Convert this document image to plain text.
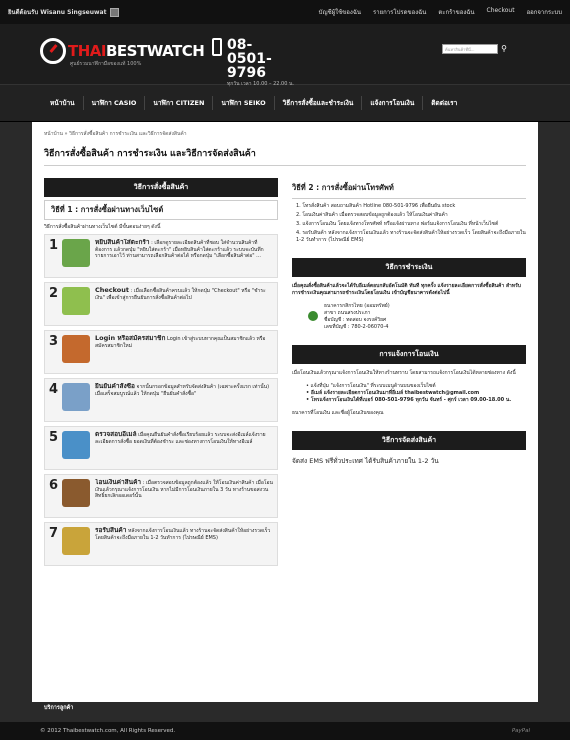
ยินดีต้อนรับ Wisanu Singseuwat	บัญชีผู้ใช้ของฉัน รายการโปรดของฉัน ตะกร้าของฉัน Checkout ออกจากระบบ
THAIBESTWATCH
ศูนย์รวมนาฬิกามือของแท้ 100%
08-0501-9796
ทุกวัน เวลา 10.00 – 22.00 น.
ค้นหาสินค้าที่นี่...	⚲
หน้าบ้าน	นาฬิกา CASIO	นาฬิกา CITIZEN	นาฬิกา SEIKO	วิธีการสั่งซื้อและชำระเงิน	แจ้งการโอนเงิน	ติดต่อเรา
หน้าบ้าน » วิธีการสั่งซื้อสินค้า การชำระเงิน และวิธีการจัดส่งสินค้า
วิธีการสั่งซื้อสินค้า การชำระเงิน และวิธีการจัดส่งสินค้า
วิธีการสั่งซื้อสินค้า
วิธีที่ 1 : การสั่งซื้อผ่านทางเว็บไซต์
วิธีการสั่งซื้อสินค้าผ่านทางเว็บไซต์ มีขั้นตอนง่ายๆ ดังนี้
1	หยิบสินค้าใส่ตะกร้า : เลือกดูรายละเอียดสินค้าที่ชอบ ใส่จำนวนสินค้าที่ต้องการ แล้วกดปุ่ม "หยิบใส่ตะกร้า" เมื่อหยิบสินค้าใส่ตะกร้าแล้ว ระบบจะบันทึกรายการเอาไว้ ท่านสามารถเลือกสินค้าต่อได้ หรือกดปุ่ม "เลือกซื้อสินค้าต่อ" ...
2	Checkout : เมื่อเลือกซื้อสินค้าครบแล้ว ให้กดปุ่ม "Checkout" หรือ "ชำระเงิน" เพื่อเข้าสู่การยืนยันการสั่งซื้อสินค้าต่อไป
3	Login หรือสมัครสมาชิก Login เข้าสู่ระบบหากคุณเป็นสมาชิกแล้ว หรือสมัครสมาชิกใหม่
4	ยืนยันคำสั่งซื้อ จากนั้นกรอกข้อมูลสำหรับจัดส่งสินค้า (เฉพาะครั้งแรก เท่านั้น) เมื่อเสร็จสมบูรณ์แล้ว ให้กดปุ่ม "ยืนยันคำสั่งซื้อ"
5	ตรวจสอบอีเมล์ เมื่อคุณยืนยันคำสั่งซื้อเรียบร้อยแล้ว ระบบจะส่งอีเมล์แจ้งรายละเอียดการสั่งซื้อ ยอดเงินที่ต้องชำระ และช่องทางการโอนเงินให้ทางอีเมล์
6	โอนเงินค่าสินค้า : เมื่อตรวจสอบข้อมูลถูกต้องแล้ว ให้โอนเงินค่าสินค้า เมื่อโอนเงินแล้วกรุณาแจ้งการโอนเงิน หากไม่มีการโอนเงินภายใน 3 วัน ทางร้านขอสงวนสิทธิ์ยกเลิกออเดอร์นั้น
7	รอรับสินค้า หลังจากแจ้งการโอนเงินแล้ว ทางร้านจะจัดส่งสินค้าให้อย่างรวดเร็ว โดยสินค้าจะถึงมือภายใน 1-2 วันทำการ (ไปรษณีย์ EMS)
วิธีที่ 2 : การสั่งซื้อผ่านโทรศัพท์
1. โทรสั่งสินค้า สอบถามสินค้า Hotline 080-501-9796 เพื่อยืนยัน stock
2. โอนเงินค่าสินค้า เมื่อตรวจสอบข้อมูลถูกต้องแล้ว ให้โอนเงินค่าสินค้า
3. แจ้งการโอนเงิน โดยแจ้งทางโทรศัพท์ หรือแจ้งผ่านทาง ฟอร์มแจ้งการโอนเงิน ที่หน้าเว็บไซต์
4. รอรับสินค้า หลังจากแจ้งการโอนเงินแล้ว ทางร้านจะจัดส่งสินค้าให้อย่างรวดเร็ว โดยสินค้าจะถึงมือภายใน 1-2 วันทำการ (ไปรษณีย์ EMS)
วิธีการชำระเงิน
เมื่อคุณสั่งซื้อสินค้าแล้วจะได้รับอีเมล์ตอบกลับอัตโนมัติ ทันที ทุกครั้ง แจ้งรายละเอียดการสั่งซื้อสินค้า สำหรับการชำระเงินคุณสามารถชำระเงินโดยโอนเงิน เข้าบัญชีธนาคารดังต่อไปนี้
ธนาคารกสิกรไทย (ออมทรัพย์)
สาขา ถนนสรงประภา
ชื่อบัญชี : ทดสอบ จงรงค์วิยศ
เลขที่บัญชี : 780-2-06070-4
การแจ้งการโอนเงิน
เมื่อโอนเงินแล้วกรุณาแจ้งการโอนเงินให้ทางร้านทราบ โดยสามารถแจ้งการโอนเงินได้หลายช่องทาง ดังนี้
• แจ้งที่ปุ่ม "แจ้งการโอนเงิน" ที่ระบบเมนูด้านบนของเว็บไซต์
• อีเมล์ แจ้งรายละเอียดการโอนเงินมาที่อีเมล์ thaibestwatch@gmail.com
• โทรแจ้งการโอนเงินได้ที่เบอร์ 080-501-9796 ทุกวัน จันทร์ - ศุกร์ เวลา 09.00-18.00 น.
ธนาคารที่โอนเงิน และชื่อผู้โอนเงินของคุณ
วิธีการจัดส่งสินค้า
จัดส่ง EMS ฟรีทั่วประเทศ ได้รับสินค้าภายใน 1-2 วัน
บริการลูกค้า
© 2012 Thaibestwatch.com, All Rights Reserved.	PayPal
